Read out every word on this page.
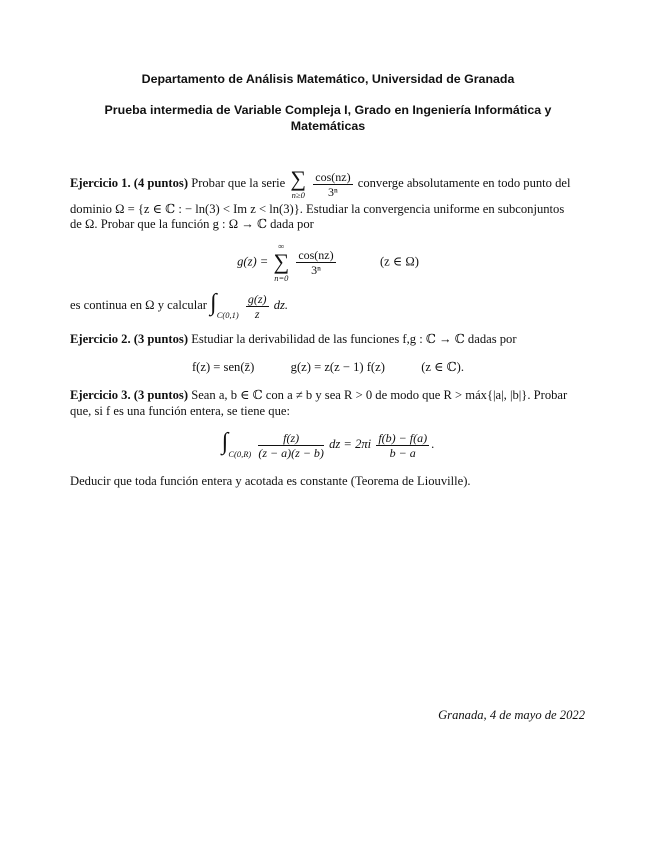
Departamento de Análisis Matemático, Universidad de Granada
Prueba intermedia de Variable Compleja I, Grado en Ingeniería Informática y Matemáticas
Ejercicio 1. (4 puntos) Probar que la serie ∑
n≥0
$\frac{\cos(nz)}{\text{3ⁿ}}$ converge absolutamente en todo punto del
dominio Ω = {z ∈ ℂ : − ln(3) < Im z < ln(3)}. Estudiar la convergencia uniforme en subconjuntos
de Ω. Probar que la función g : Ω → ℂ dada por
g(z) =
∞
∑
n=0

$\frac{\cos(nz)}{\text{3ⁿ}}$	(z ∈ Ω)
es continua en Ω y calcular $\int_{C(0,1)} \frac{g(z)}{z}$ dz.
Ejercicio 2. (3 puntos) Estudiar la derivabilidad de las funciones f,g : ℂ → ℂ dadas por
f(z) = sen(z̄)	g(z) = z(z − 1) f(z)	(z ∈ ℂ).
Ejercicio 3. (3 puntos) Sean a, b ∈ ℂ con a ≠ b y sea R > 0 de modo que R > máx{|a|, |b|}. Probar
que, si f es una función entera, se tiene que:
$\int_{C(0,R)} \frac{f(z)}{(z - a)(z - b)}$ dz = $2\pi i \frac{f(b) - f(a)}{b - a}$ .
Deducir que toda función entera y acotada es constante (Teorema de Liouville).
Granada, 4 de mayo de 2022
